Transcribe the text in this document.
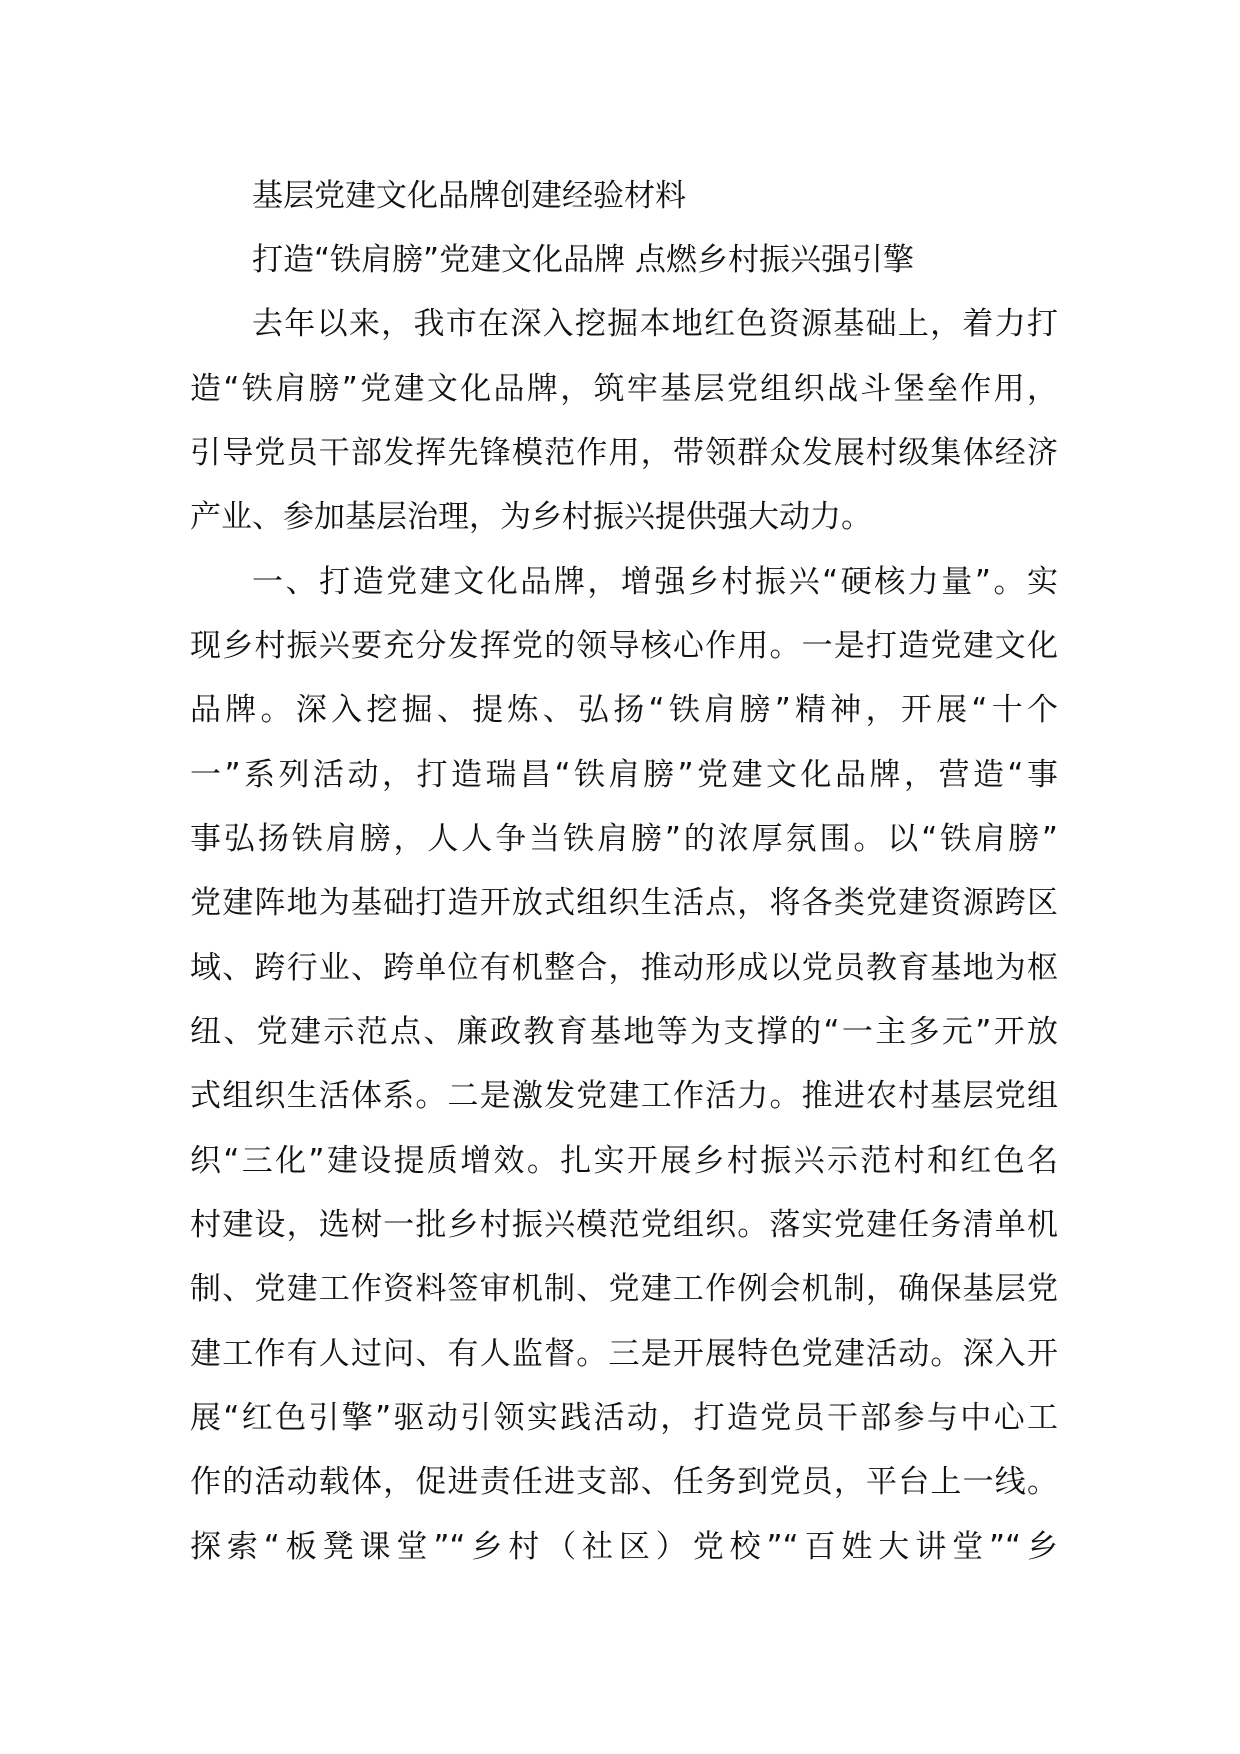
基层党建文化品牌创建经验材料
打造“铁肩膀”党建文化品牌 点燃乡村振兴强引擎
去年以来，我市在深入挖掘本地红色资源基础上，着力打
造“铁肩膀”党建文化品牌，筑牢基层党组织战斗堡垒作用，
引导党员干部发挥先锋模范作用，带领群众发展村级集体经济
产业、参加基层治理，为乡村振兴提供强大动力。
一、打造党建文化品牌，增强乡村振兴“硬核力量”。实
现乡村振兴要充分发挥党的领导核心作用。一是打造党建文化
品牌。深入挖掘、提炼、弘扬“铁肩膀”精神，开展“十个
一”系列活动，打造瑞昌“铁肩膀”党建文化品牌，营造“事
事弘扬铁肩膀，人人争当铁肩膀”的浓厚氛围。以“铁肩膀”
党建阵地为基础打造开放式组织生活点，将各类党建资源跨区
域、跨行业、跨单位有机整合，推动形成以党员教育基地为枢
纽、党建示范点、廉政教育基地等为支撑的“一主多元”开放
式组织生活体系。二是激发党建工作活力。推进农村基层党组
织“三化”建设提质增效。扎实开展乡村振兴示范村和红色名
村建设，选树一批乡村振兴模范党组织。落实党建任务清单机
制、党建工作资料签审机制、党建工作例会机制，确保基层党
建工作有人过问、有人监督。三是开展特色党建活动。深入开
展“红色引擎”驱动引领实践活动，打造党员干部参与中心工
作的活动载体，促进责任进支部、任务到党员，平台上一线。
探索“板凳课堂”“乡村（社区）党校”“百姓大讲堂”“乡
